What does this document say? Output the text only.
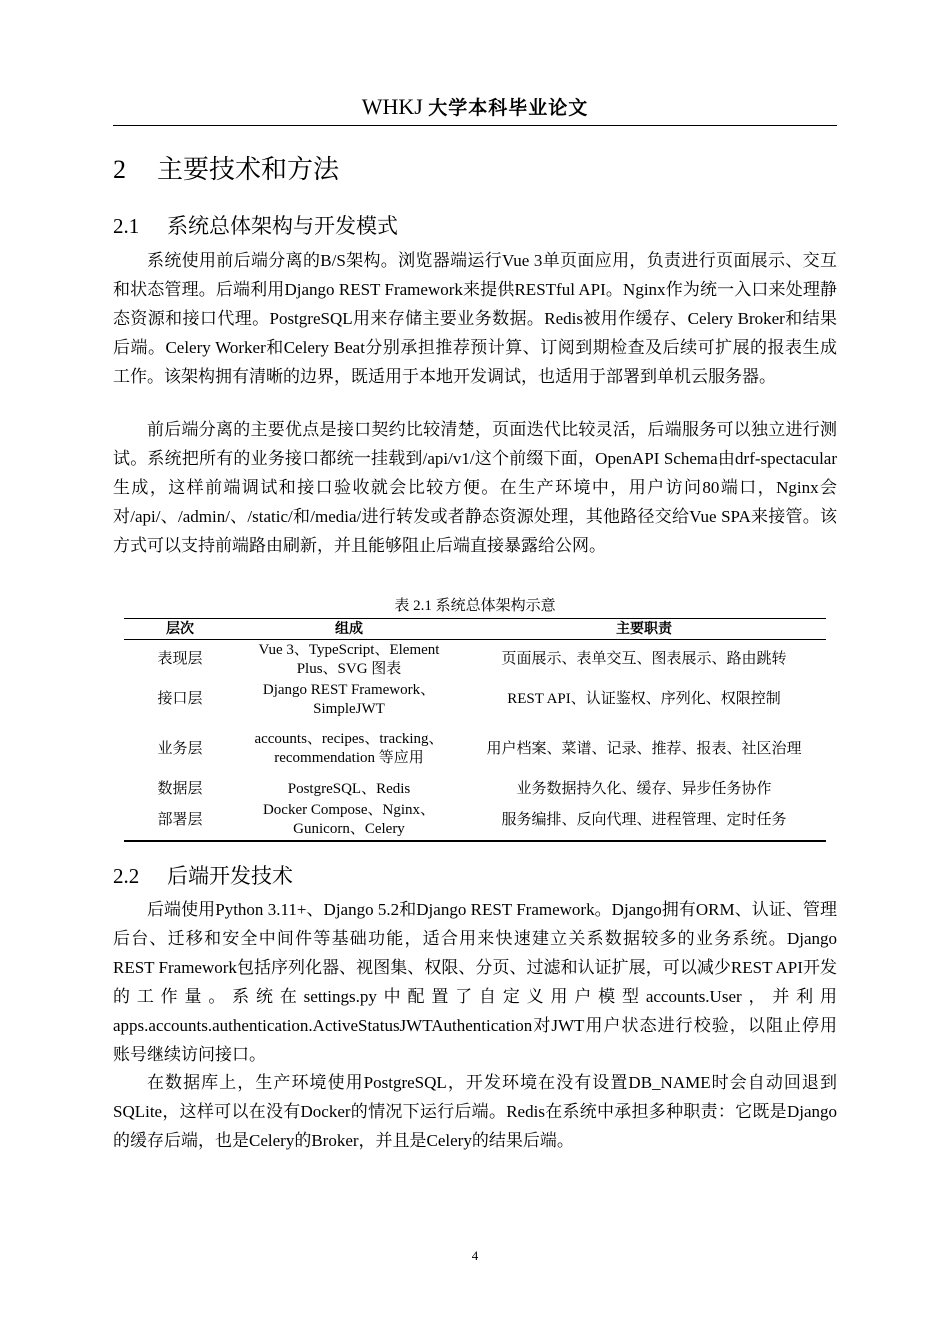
WHKJ 大学本科毕业论文
2 主要技术和方法
2.1 系统总体架构与开发模式

系统使用前后端分离的B/S架构。浏览器端运行Vue 3单页面应用，负责进行页面展示、交互和状态管理。后端利用Django REST Framework来提供RESTful API。Nginx作为统一入口来处理静态资源和接口代理。PostgreSQL用来存储主要业务数据。Redis被用作缓存、Celery Broker和结果后端。Celery Worker和Celery Beat分别承担推荐预计算、订阅到期检查及后续可扩展的报表生成工作。该架构拥有清晰的边界，既适用于本地开发调试，也适用于部署到单机云服务器。

前后端分离的主要优点是接口契约比较清楚，页面迭代比较灵活，后端服务可以独立进行测试。系统把所有的业务接口都统一挂载到/api/v1/这个前缀下面，OpenAPI Schema由drf-spectacular生成，这样前端调试和接口验收就会比较方便。在生产环境中，用户访问80端口，Nginx会对/api/、/admin/、/static/和/media/进行转发或者静态资源处理，其他路径交给Vue SPA来接管。该方式可以支持前端路由刷新，并且能够阻止后端直接暴露给公网。

表 2.1 系统总体架构示意
层次	组成	主要职责
表现层	Vue 3、TypeScript、Element Plus、SVG 图表	页面展示、表单交互、图表展示、路由跳转
接口层	Django REST Framework、SimpleJWT	REST API、认证鉴权、序列化、权限控制
业务层	accounts、recipes、tracking、recommendation 等应用	用户档案、菜谱、记录、推荐、报表、社区治理
数据层	PostgreSQL、Redis	业务数据持久化、缓存、异步任务协作
部署层	Docker Compose、Nginx、Gunicorn、Celery	服务编排、反向代理、进程管理、定时任务
2.2 后端开发技术

后端使用Python 3.11+、Django 5.2和Django REST Framework。Django拥有ORM、认证、管理后台、迁移和安全中间件等基础功能，适合用来快速建立关系数据较多的业务系统。Django REST Framework包括序列化器、视图集、权限、分页、过滤和认证扩展，可以减少REST API开发的工作量。系统在settings.py中配置了自定义用户模型accounts.User，并利用apps.accounts.authentication.ActiveStatusJWTAuthentication对JWT用户状态进行校验，以阻止停用账号继续访问接口。

在数据库上，生产环境使用PostgreSQL，开发环境在没有设置DB_NAME时会自动回退到SQLite，这样可以在没有Docker的情况下运行后端。Redis在系统中承担多种职责：它既是Django的缓存后端，也是Celery的Broker，并且是Celery的结果后端。

4
